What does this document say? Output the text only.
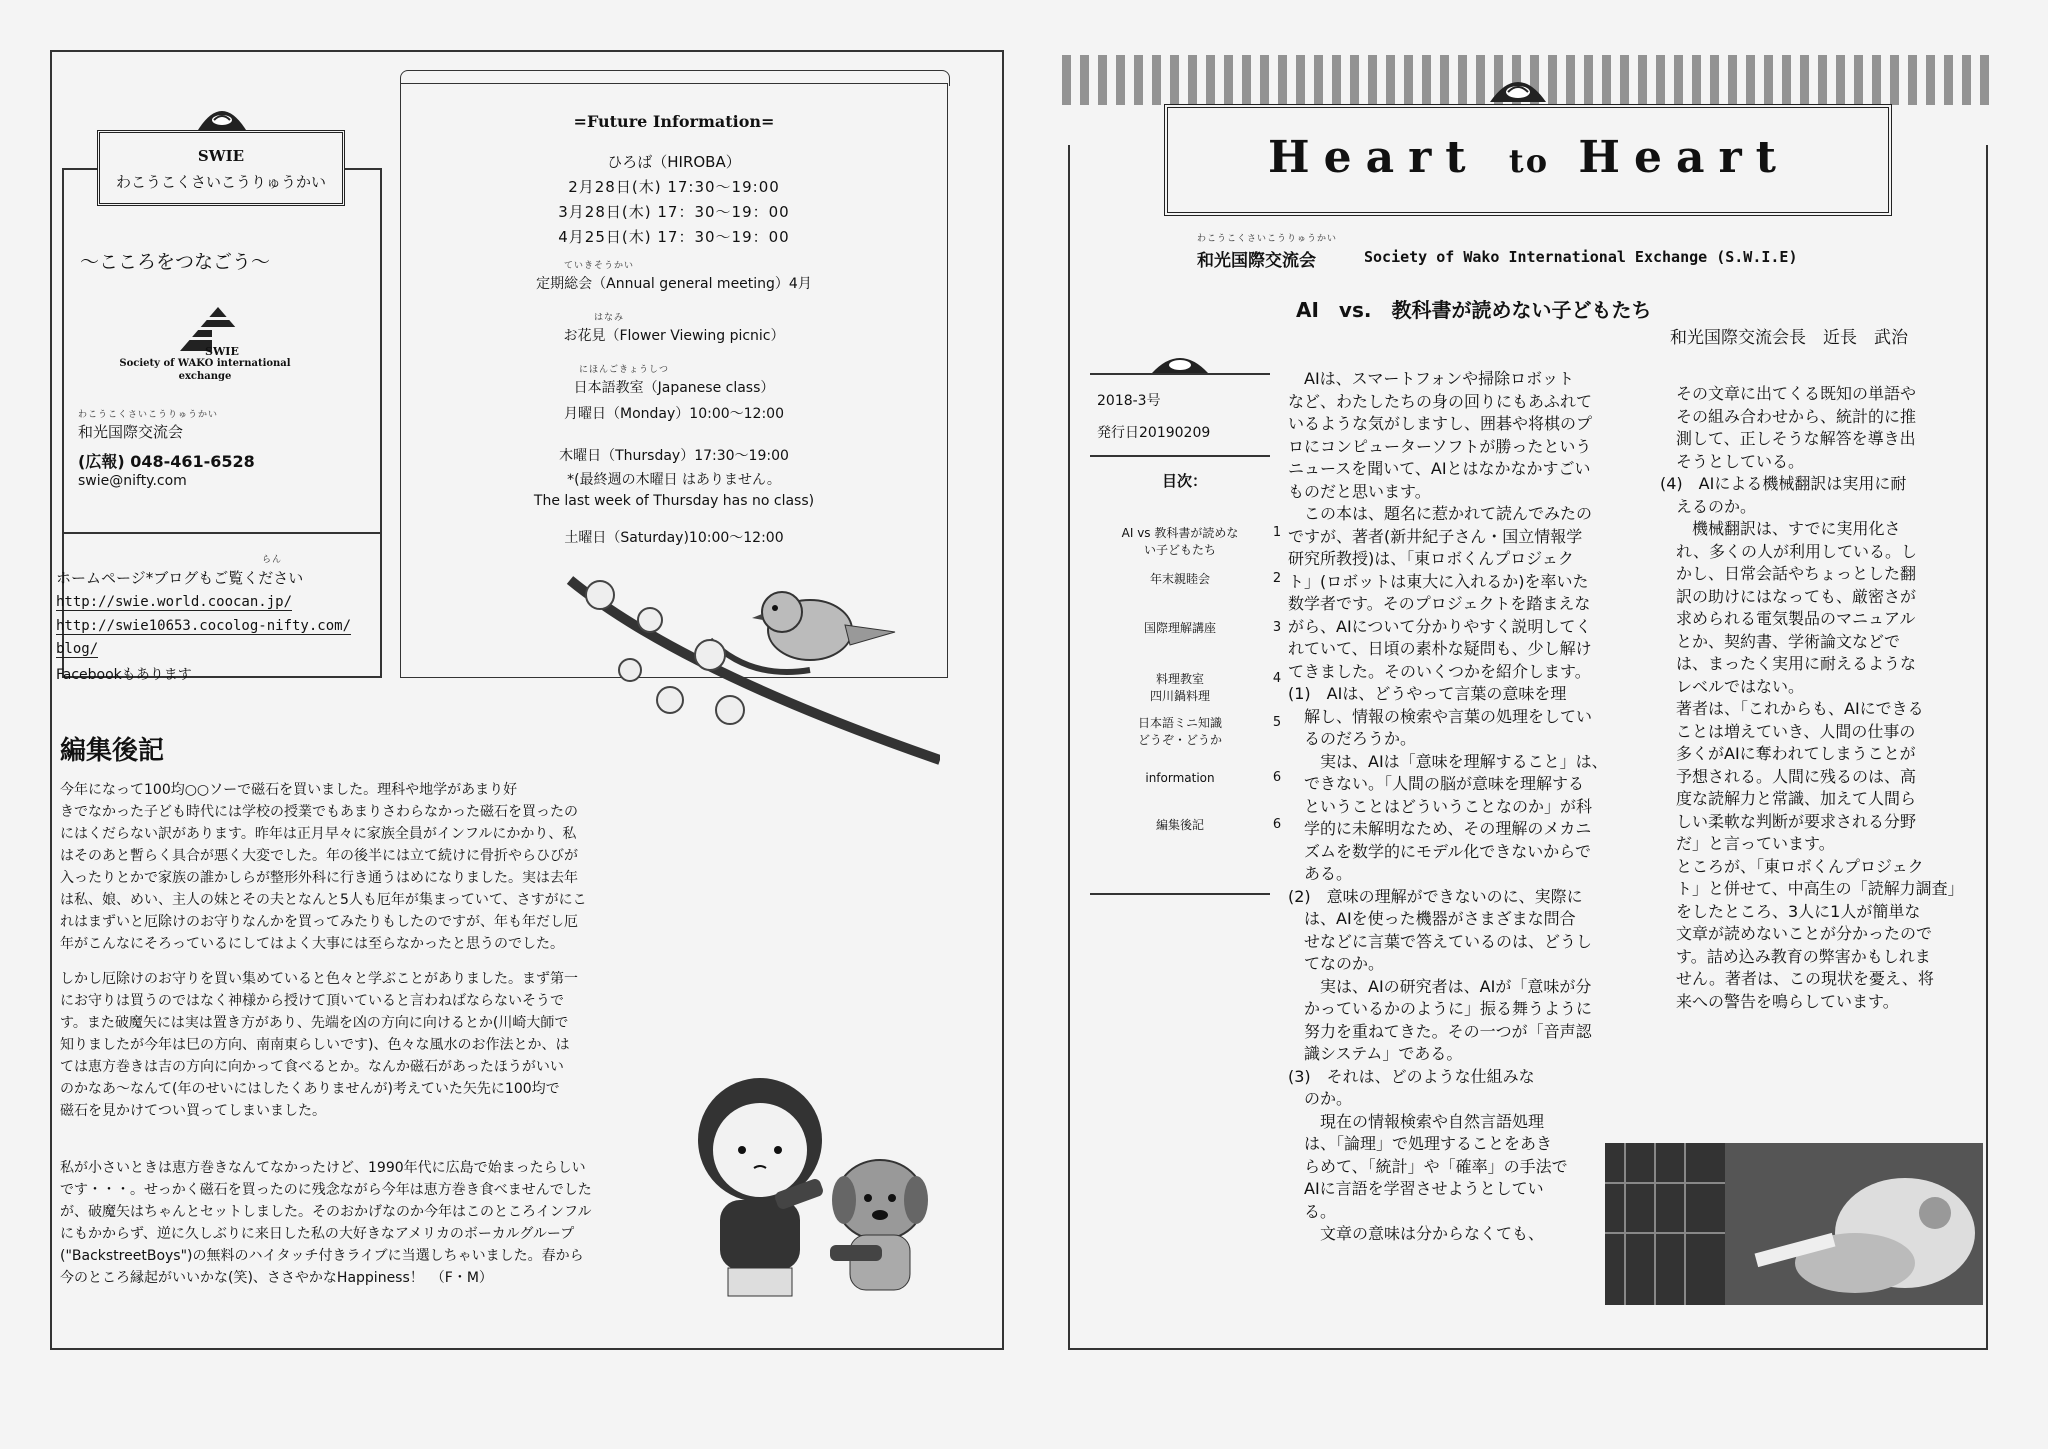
SWIE
わこうこくさいこうりゅうかい
～こころをつなごう～
SWIE
Society of WAKO international
exchange
わこうこくさいこうりゅうかい
和光国際交流会
(広報) 048-461-6528
swie@nifty.com
らん
ホームページ*ブログもご覧ください
http://swie.world.coocan.jp/
http://swie10653.cocolog-nifty.com/
blog/
Facebookもあります
=Future Information=
ひろば（HIROBA）
2月28日(木) 17:30～19:00
3月28日(木) 17：30～19：00
4月25日(木) 17：30～19：00
ていきそうかい
定期総会（Annual general meeting）4月
はなみ
お花見（Flower Viewing picnic）
にほんごきょうしつ
日本語教室（Japanese class）
月曜日（Monday）10:00～12:00
木曜日（Thursday）17:30～19:00
*(最終週の木曜日 はありません。
The last week of Thursday has no class)
土曜日（Saturday)10:00～12:00
編集後記
今年になって100均○○ソーで磁石を買いました。理科や地学があまり好
きでなかった子ども時代には学校の授業でもあまりさわらなかった磁石を買ったの
にはくだらない訳があります。昨年は正月早々に家族全員がインフルにかかり、私
はそのあと暫らく具合が悪く大変でした。年の後半には立て続けに骨折やらひびが
入ったりとかで家族の誰かしらが整形外科に行き通うはめになりました。実は去年
は私、娘、めい、主人の妹とその夫となんと5人も厄年が集まっていて、さすがにこ
れはまずいと厄除けのお守りなんかを買ってみたりもしたのですが、年も年だし厄
年がこんなにそろっているにしてはよく大事には至らなかったと思うのでした。
しかし厄除けのお守りを買い集めていると色々と学ぶことがありました。まず第一
にお守りは買うのではなく神様から授けて頂いていると言わねばならないそうで
す。また破魔矢には実は置き方があり、先端を凶の方向に向けるとか(川崎大師で
知りましたが今年は巳の方向、南南東らしいです)、色々な風水のお作法とか、は
ては恵方巻きは吉の方向に向かって食べるとか。なんか磁石があったほうがいい
のかなあ～なんて(年のせいにはしたくありませんが)考えていた矢先に100均で
磁石を見かけてつい買ってしまいました。
私が小さいときは恵方巻きなんてなかったけど、1990年代に広島で始まったらしい
です・・・。せっかく磁石を買ったのに残念ながら今年は恵方巻き食べませんでした
が、破魔矢はちゃんとセットしました。そのおかげなのか今年はこのところインフル
にもかからず、逆に久しぶりに来日した私の大好きなアメリカのボーカルグループ
("BackstreetBoys")の無料のハイタッチ付きライブに当選しちゃいました。春から
今のところ縁起がいいかな(笑)、ささやかなHappiness！　（F・M）
Heart to Heart
わこうこくさいこうりゅうかい
和光国際交流会	Society of Wako International Exchange (S.W.I.E)
AI　vs.　教科書が読めない子どもたち
和光国際交流会長　近長　武治
2018-3号
発行日20190209
目次：
AI vs 教科書が読めな
い子どもたち
1
年末親睦会	2
国際理解講座	3
料理教室
四川鍋料理
4
日本語ミニ知識
どうぞ・どうか
5
information	6
編集後記	6
　AIは、スマートフォンや掃除ロボット
など、わたしたちの身の回りにもあふれて
いるような気がしますし、囲碁や将棋のプ
ロにコンピューターソフトが勝ったという
ニュースを聞いて、AIとはなかなかすごい
ものだと思います。
　この本は、題名に惹かれて読んでみたの
ですが、著者(新井紀子さん・国立情報学
研究所教授)は、「東ロボくんプロジェク
ト」(ロボットは東大に入れるか)を率いた
数学者です。そのプロジェクトを踏まえな
がら、AIについて分かりやすく説明してく
れていて、日頃の素朴な疑問も、少し解け
てきました。そのいくつかを紹介します。
(1)　AIは、どうやって言葉の意味を理
　解し、情報の検索や言葉の処理をしてい
　るのだろうか。
　　実は、AIは「意味を理解すること」は、
　できない。「人間の脳が意味を理解する
　ということはどういうことなのか」が科
　学的に未解明なため、その理解のメカニ
　ズムを数学的にモデル化できないからで
　ある。
(2)　意味の理解ができないのに、実際に
　は、AIを使った機器がさまざまな問合
　せなどに言葉で答えているのは、どうし
　てなのか。
　　実は、AIの研究者は、AIが「意味が分
　かっているかのように」振る舞うように
　努力を重ねてきた。その一つが「音声認
　識システム」である。
(3)　それは、どのような仕組みな
　のか。
　　現在の情報検索や自然言語処理
　は、「論理」で処理することをあき
　らめて、「統計」や「確率」の手法で
　AIに言語を学習させようとしてい
　る。
　　文章の意味は分からなくても、
　その文章に出てくる既知の単語や
　その組み合わせから、統計的に推
　測して、正しそうな解答を導き出
　そうとしている。
(4)　AIによる機械翻訳は実用に耐
　えるのか。
　　機械翻訳は、すでに実用化さ
　れ、多くの人が利用している。し
　かし、日常会話やちょっとした翻
　訳の助けにはなっても、厳密さが
　求められる電気製品のマニュアル
　とか、契約書、学術論文などで
　は、まったく実用に耐えるような
　レベルではない。
　著者は、「これからも、AIにできる
　ことは増えていき、人間の仕事の
　多くがAIに奪われてしまうことが
　予想される。人間に残るのは、高
　度な読解力と常識、加えて人間ら
　しい柔軟な判断が要求される分野
　だ」と言っています。
　ところが、「東ロボくんプロジェク
　ト」と併せて、中高生の「読解力調査」
　をしたところ、3人に1人が簡単な
　文章が読めないことが分かったので
　す。詰め込み教育の弊害かもしれま
　せん。著者は、この現状を憂え、将
　来への警告を鳴らしています。
